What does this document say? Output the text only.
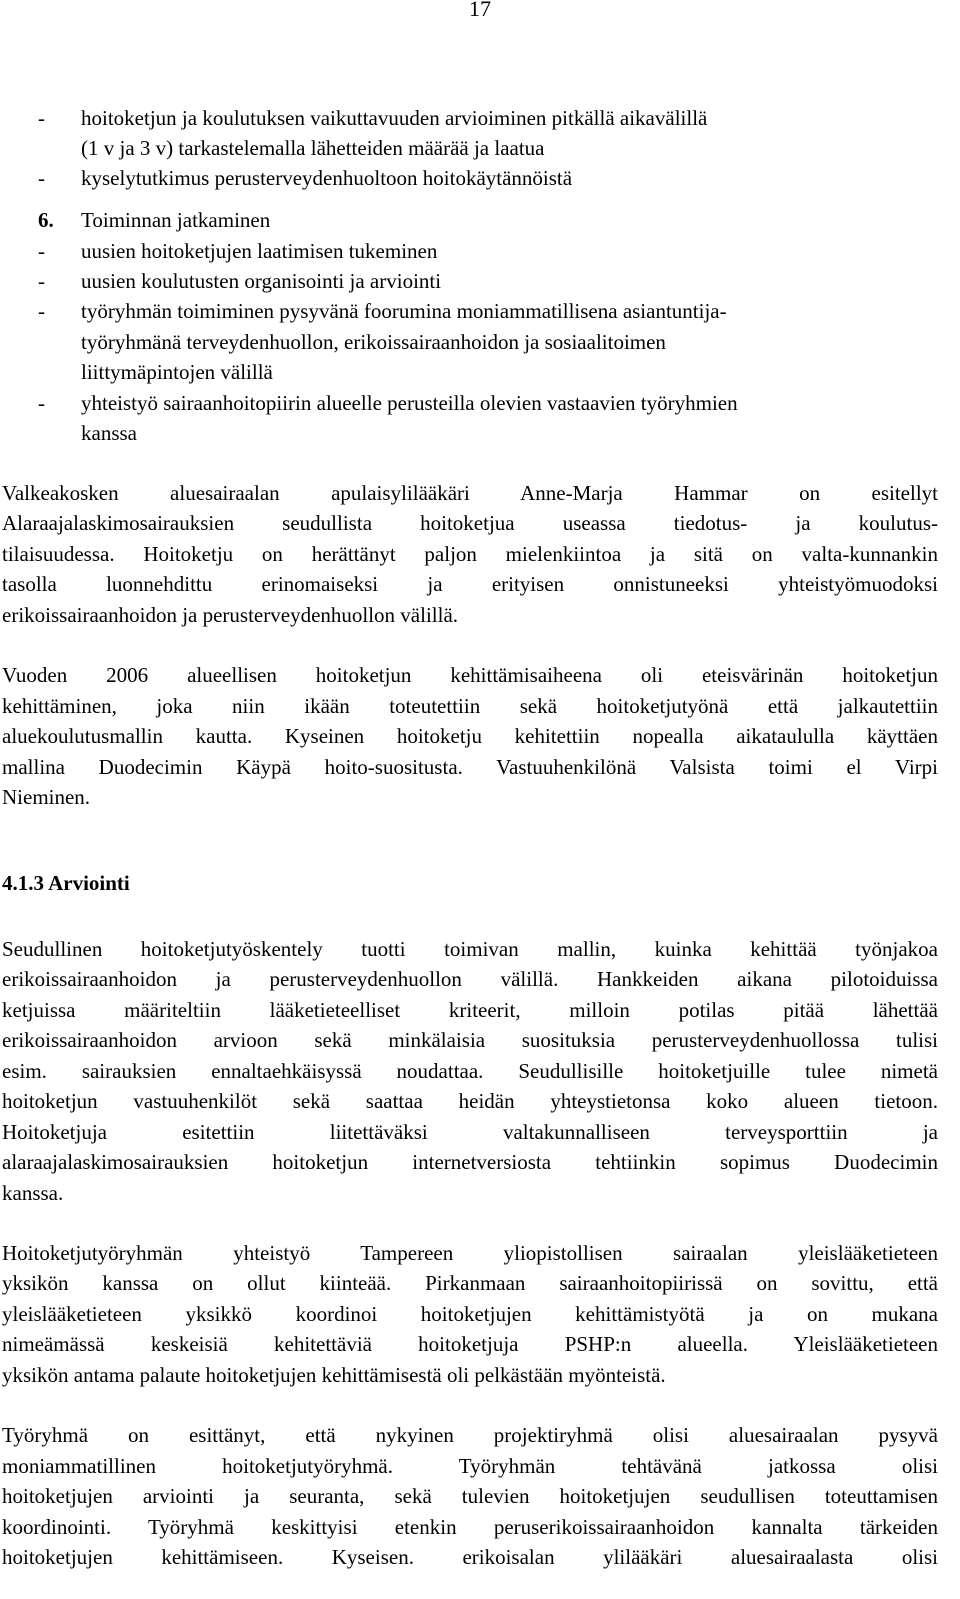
17
- hoitoketjun ja koulutuksen vaikuttavuuden arvioiminen pitkällä aikavälillä
(1 v ja 3 v) tarkastelemalla lähetteiden määrää ja laatua
- kyselytutkimus perusterveydenhuoltoon hoitokäytännöistä
6. Toiminnan jatkaminen
- uusien hoitoketjujen laatimisen tukeminen
- uusien koulutusten organisointi ja arviointi
- työryhmän toimiminen pysyvänä foorumina moniammatillisena asiantuntija-
työryhmänä terveydenhuollon, erikoissairaanhoidon ja sosiaalitoimen
liittymäpintojen välillä
- yhteistyö sairaanhoitopiirin alueelle perusteilla olevien vastaavien työryhmien
kanssa
Valkeakosken aluesairaalan apulaisylilääkäri Anne-Marja Hammar on esitellyt
Alaraajalaskimosairauksien seudullista hoitoketjua useassa tiedotus- ja koulutus-
tilaisuudessa. Hoitoketju on herättänyt paljon mielenkiintoa ja sitä on valta-kunnankin
tasolla luonnehdittu erinomaiseksi ja erityisen onnistuneeksi yhteistyömuodoksi
erikoissairaanhoidon ja perusterveydenhuollon välillä.
Vuoden 2006 alueellisen hoitoketjun kehittämisaiheena oli eteisvärinän hoitoketjun
kehittäminen, joka niin ikään toteutettiin sekä hoitoketjutyönä että jalkautettiin
aluekoulutusmallin kautta. Kyseinen hoitoketju kehitettiin nopealla aikataululla käyttäen
mallina Duodecimin Käypä hoito-suositusta. Vastuuhenkilönä Valsista toimi el Virpi
Nieminen.
4.1.3 Arviointi
Seudullinen hoitoketjutyöskentely tuotti toimivan mallin, kuinka kehittää työnjakoa
erikoissairaanhoidon ja perusterveydenhuollon välillä. Hankkeiden aikana pilotoiduissa
ketjuissa määriteltiin lääketieteelliset kriteerit, milloin potilas pitää lähettää
erikoissairaanhoidon arvioon sekä minkälaisia suosituksia perusterveydenhuollossa tulisi
esim. sairauksien ennaltaehkäisyssä noudattaa. Seudullisille hoitoketjuille tulee nimetä
hoitoketjun vastuuhenkilöt sekä saattaa heidän yhteystietonsa koko alueen tietoon.
Hoitoketjuja esitettiin liitettäväksi valtakunnalliseen terveysporttiin ja
alaraajalaskimosairauksien hoitoketjun internetversiosta tehtiinkin sopimus Duodecimin
kanssa.
Hoitoketjutyöryhmän yhteistyö Tampereen yliopistollisen sairaalan yleislääketieteen
yksikön kanssa on ollut kiinteää. Pirkanmaan sairaanhoitopiirissä on sovittu, että
yleislääketieteen yksikkö koordinoi hoitoketjujen kehittämistyötä ja on mukana
nimeämässä keskeisiä kehitettäviä hoitoketjuja PSHP:n alueella. Yleislääketieteen
yksikön antama palaute hoitoketjujen kehittämisestä oli pelkästään myönteistä.
Työryhmä on esittänyt, että nykyinen projektiryhmä olisi aluesairaalan pysyvä
moniammatillinen hoitoketjutyöryhmä. Työryhmän tehtävänä jatkossa olisi
hoitoketjujen arviointi ja seuranta, sekä tulevien hoitoketjujen seudullisen toteuttamisen
koordinointi. Työryhmä keskittyisi etenkin peruserikoissairaanhoidon kannalta tärkeiden
hoitoketjujen kehittämiseen. Kyseisen. erikoisalan ylilääkäri aluesairaalasta olisi
